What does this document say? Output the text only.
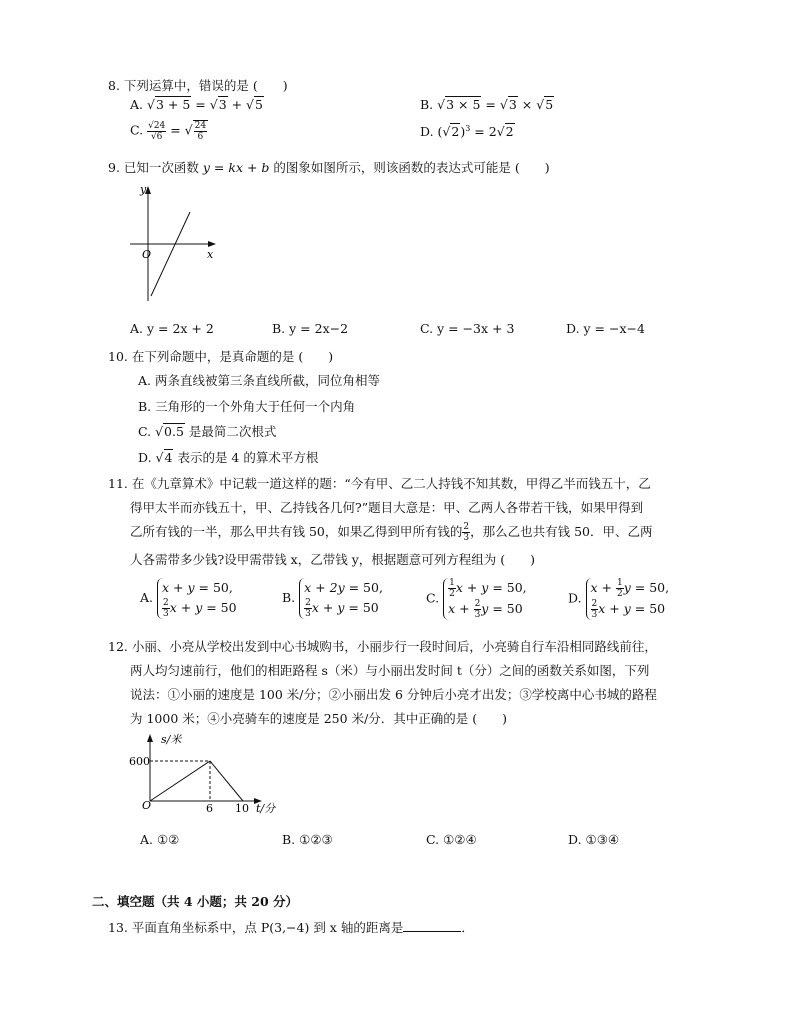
8. 下列运算中，错误的是 (　　)
A. √3 + 5 = √3 + √5	B. √3 × 5 = √3 × √5
C. $\frac{√24}{√6}$ = √ $\frac{24}{6}$	D. $(√2)^3 = 2√2$
9. 已知一次函数 y = kx + b 的图象如图所示，则该函数的表达式可能是 (　　)
y
x
O
A. y = 2x + 2	B. y = 2x−2	C. y = −3x + 3	D. y = −x−4
10. 在下列命题中，是真命题的是 (　　)
A. 两条直线被第三条直线所截，同位角相等
B. 三角形的一个外角大于任何一个内角
C. √0.5 是最简二次根式
D. √4 表示的是 4 的算术平方根
11. 在《九章算术》中记载一道这样的题：“今有甲、乙二人持钱不知其数，甲得乙半而钱五十，乙
得甲太半而亦钱五十，甲、乙持钱各几何?”题目大意是：甲、乙两人各带若干钱，如果甲得到
乙所有钱的一半，那么甲共有钱 50，如果乙得到甲所有钱的 $\frac{2}{3}$ ，那么乙也共有钱 50．甲、乙两
人各需带多少钱?设甲需带钱 x，乙带钱 y，根据题意可列方程组为 (　　)
A. x + y = 50,

$\frac{2}{3}$ x + y = 50
B. x + 2y = 50,

$\frac{2}{3}$ x + y = 50
C. $\frac{1}{2}$ x + y = 50,
$x + \frac{2}{3}$ y = 50
D. $x + \frac{1}{2}$ y = 50,

$\frac{2}{3}$ x + y = 50
12. 小丽、小亮从学校出发到中心书城购书，小丽步行一段时间后，小亮骑自行车沿相同路线前往，
两人均匀速前行，他们的相距路程 s（米）与小丽出发时间 t（分）之间的函数关系如图，下列
说法：①小丽的速度是 100 米/分；②小丽出发 6 分钟后小亮才出发；③学校离中心书城的路程
为 1000 米；④小亮骑车的速度是 250 米/分．其中正确的是 (　　)
s/米
600
O	6 10 t/分
A. ①②	B. ①②③	C. ①②④	D. ①③④
二、填空题（共 4 小题；共 20 分）
13. 平面直角坐标系中，点 P(3,−4) 到 x 轴的距离是	．
